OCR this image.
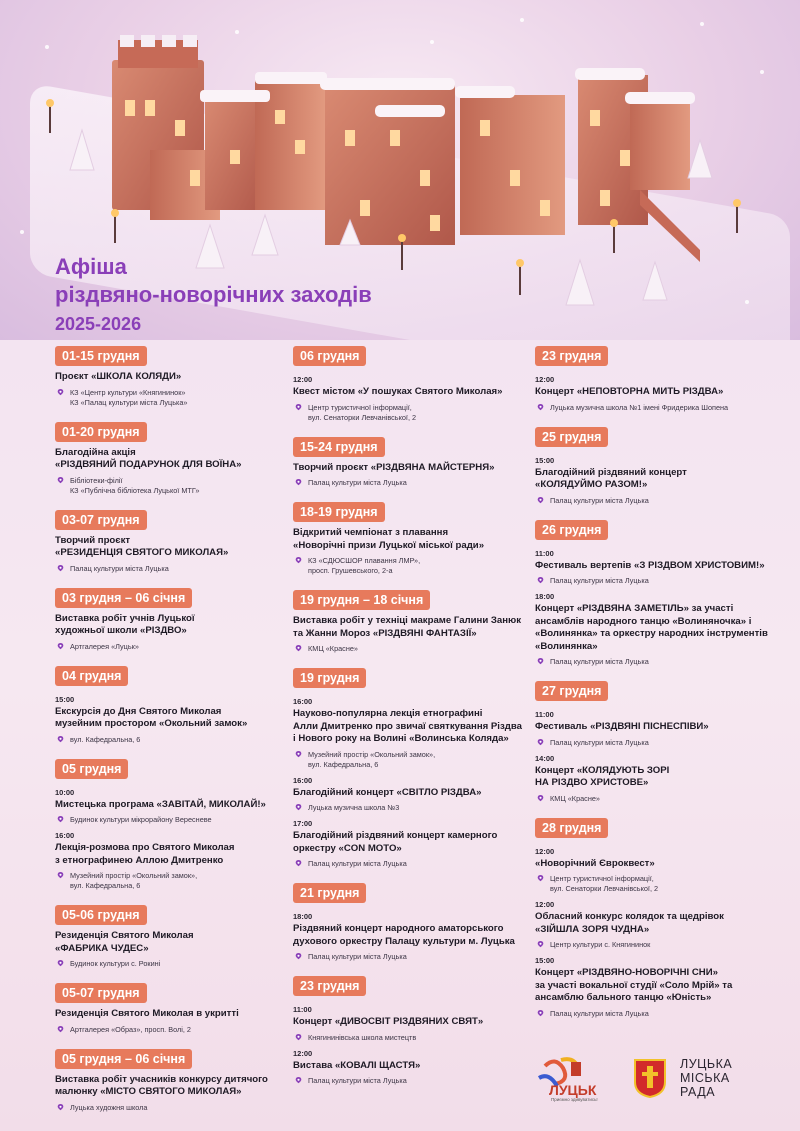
Афіша
різдвяно-новорічних заходів
2025-2026
01-15 грудня
Проєкт «ШКОЛА КОЛЯДИ»
КЗ «Центр культури «Княгининок»
КЗ «Палац культури міста Луцька»
01-20 грудня
Благодійна акція
«РІЗДВЯНИЙ ПОДАРУНОК ДЛЯ ВОЇНА»
Бібліотеки-філії
КЗ «Публічна бібліотека Луцької МТГ»
03-07 грудня
Творчий проєкт
«РЕЗИДЕНЦІЯ СВЯТОГО МИКОЛАЯ»
Палац культури міста Луцька
03 грудня – 06 січня
Виставка робіт учнів Луцької
художньої школи «РІЗДВО»
Артгалерея «Луцьк»
04 грудня
15:00
Екскурсія до Дня Святого Миколая
музейним простором «Окольний замок»
вул. Кафедральна, 6
05 грудня
10:00
Мистецька програма «ЗАВІТАЙ, МИКОЛАЙ!»
Будинок культури мікрорайону Вересневе
16:00
Лекція-розмова про Святого Миколая
з етнографинею Аллою Дмитренко
Музейний простір «Окольний замок»,
вул. Кафедральна, 6
05-06 грудня
Резиденція Святого Миколая
«ФАБРИКА ЧУДЕС»
Будинок культури с. Рокині
05-07 грудня
Резиденція Святого Миколая в укритті
Артгалерея «Образ», просп. Волі, 2
05 грудня – 06 січня
Виставка робіт учасників конкурсу дитячого
малюнку «МІСТО СВЯТОГО МИКОЛАЯ»
Луцька художня школа
06 грудня
12:00
Квест містом «У пошуках Святого Миколая»
Центр туристичної інформації,
вул. Сенаторки Левчанівської, 2
15-24 грудня
Творчий проєкт «РІЗДВЯНА МАЙСТЕРНЯ»
Палац культури міста Луцька
18-19 грудня
Відкритий чемпіонат з плавання
«Новорічні призи Луцької міської ради»
КЗ «СДЮСШОР плавання ЛМР»,
просп. Грушевського, 2-а
19 грудня – 18 січня
Виставка робіт у техніці макраме Галини Занюк
та Жанни Мороз «РІЗДВЯНІ ФАНТАЗІЇ»
КМЦ «Красне»
19 грудня
16:00
Науково-популярна лекція етнографині
Алли Дмитренко про звичаї святкування Різдва
і Нового року на Волині «Волинська Коляда»
Музейний простір «Окольний замок»,
вул. Кафедральна, 6
16:00
Благодійний концерт «СВІТЛО РІЗДВА»
Луцька музична школа №3
17:00
Благодійний різдвяний концерт камерного
оркестру «CON MOTO»
Палац культури міста Луцька
21 грудня
18:00
Різдвяний концерт народного аматорського
духового оркестру Палацу культури м. Луцька
Палац культури міста Луцька
23 грудня
11:00
Концерт «ДИВОСВІТ РІЗДВЯНИХ СВЯТ»
Княгининівська школа мистецтв
12:00
Вистава «КОВАЛІ ЩАСТЯ»
Палац культури міста Луцька
23 грудня
12:00
Концерт «НЕПОВТОРНА МИТЬ РІЗДВА»
Луцька музична школа №1 імені Фридерика Шопена
25 грудня
15:00
Благодійний різдвяний концерт
«КОЛЯДУЙМО РАЗОМ!»
Палац культури міста Луцька
26 грудня
11:00
Фестиваль вертепів «З РІЗДВОМ ХРИСТОВИМ!»
Палац культури міста Луцька
18:00
Концерт «РІЗДВЯНА ЗАМЕТІЛЬ» за участі
ансамблів народного танцю «Волиняночка» і
«Волинянка» та оркестру народних інструментів
«Волинянка»
Палац культури міста Луцька
27 грудня
11:00
Фестиваль «РІЗДВЯНІ ПІСНЕСПІВИ»
Палац культури міста Луцька
14:00
Концерт «КОЛЯДУЮТЬ ЗОРІ
НА РІЗДВО ХРИСТОВЕ»
КМЦ «Красне»
28 грудня
12:00
«Новорічний Євроквест»
Центр туристичної інформації,
вул. Сенаторки Левчанівської, 2
12:00
Обласний конкурс колядок та щедрівок
«ЗІЙШЛА ЗОРЯ ЧУДНА»
Центр культури с. Княгининок
15:00
Концерт «РІЗДВЯНО-НОВОРІЧНІ СНИ»
за участі вокальної студії «Соло Мрій» та
ансамблю бального танцю «Юність»
Палац культури міста Луцька
ЛУЦЬК
Приємно здивуватись!
ЛУЦЬКА
МІСЬКА
РАДА
